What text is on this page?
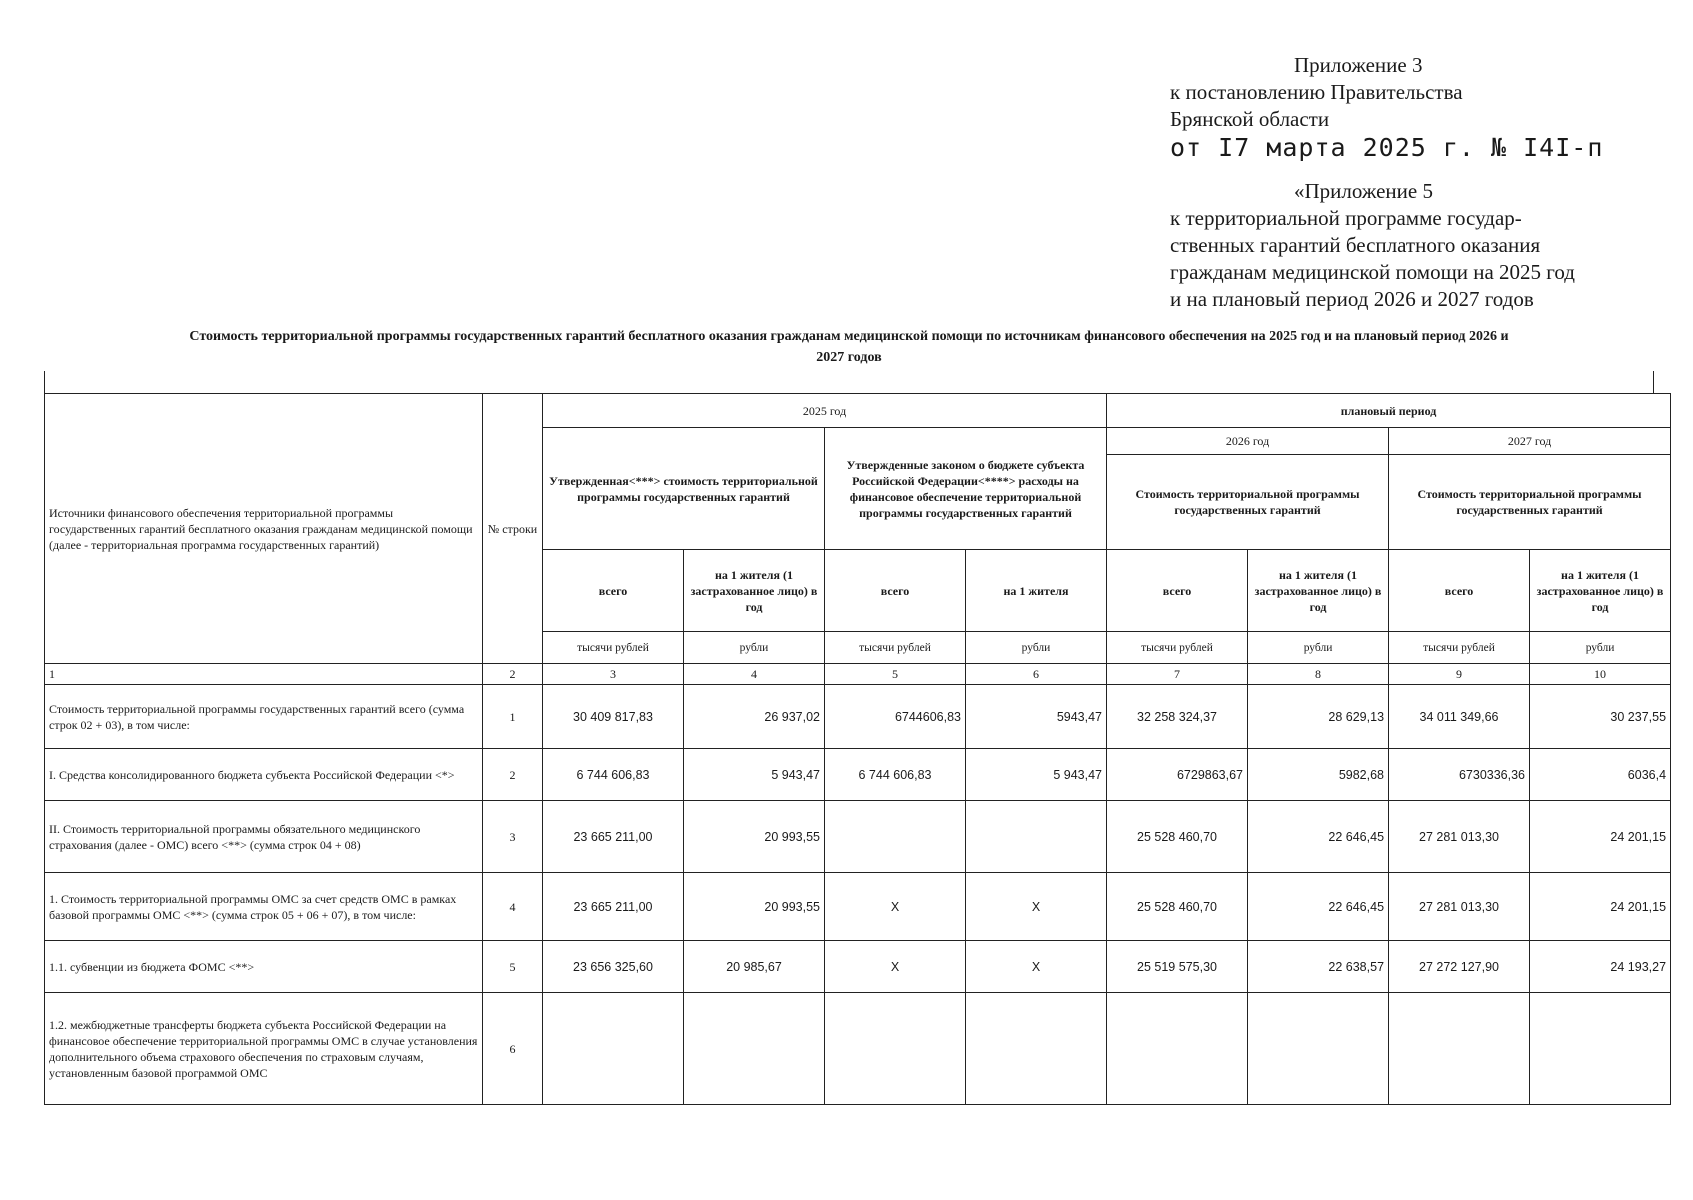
Приложение 3
к постановлению Правительства
Брянской области
от I7 марта 2025 г. № I4I-п
«Приложение 5
к территориальной программе государ-
ственных гарантий бесплатного оказания
гражданам медицинской помощи на 2025 год
и на плановый период 2026 и 2027 годов
Стоимость территориальной программы государственных гарантий бесплатного оказания гражданам медицинской помощи по источникам финансового обеспечения на 2025 год и на плановый период 2026 и
2027 годов
Источники финансового обеспечения территориальной программы государственных гарантий бесплатного оказания гражданам медицинской помощи (далее - территориальная программа государственных гарантий)	№ строки	2025 год				плановый период			
		Утвержденная<***> стоимость территориальной программы государственных гарантий		Утвержденные законом о бюджете субъекта Российской Федерации<****> расходы на финансовое обеспечение территориальной программы государственных гарантий		2026 год		2027 год	
						Стоимость территориальной программы государственных гарантий		Стоимость территориальной программы государственных гарантий	
		всего	на 1 жителя (1 застрахованное лицо) в год	всего	на 1 жителя	всего	на 1 жителя (1 застрахованное лицо) в год	всего	на 1 жителя (1 застрахованное лицо) в год
		тысячи рублей	рубли	тысячи рублей	рубли	тысячи рублей	рубли	тысячи рублей	рубли
1	2	3	4	5	6	7	8	9	10
Стоимость территориальной программы государственных гарантий всего (сумма строк 02 + 03), в том числе:	1	30 409 817,83	26 937,02	6744606,83	5943,47	32 258 324,37	28 629,13	34 011 349,66	30 237,55
I. Средства консолидированного бюджета субъекта Российской Федерации <*>	2	6 744 606,83	5 943,47	6 744 606,83	5 943,47	6729863,67	5982,68	6730336,36	6036,4
II. Стоимость территориальной программы обязательного медицинского страхования (далее - ОМС) всего <**> (сумма строк 04 + 08)	3	23 665 211,00	20 993,55			25 528 460,70	22 646,45	27 281 013,30	24 201,15
1. Стоимость территориальной программы ОМС за счет средств ОМС в рамках базовой программы ОМС <**> (сумма строк 05 + 06 + 07), в том числе:	4	23 665 211,00	20 993,55	X	X	25 528 460,70	22 646,45	27 281 013,30	24 201,15
1.1. субвенции из бюджета ФОМС <**>	5	23 656 325,60	20 985,67	X	X	25 519 575,30	22 638,57	27 272 127,90	24 193,27
1.2. межбюджетные трансферты бюджета субъекта Российской Федерации на финансовое обеспечение территориальной программы ОМС в случае установления дополнительного объема страхового обеспечения по страховым случаям, установленным базовой программой ОМС	6								
